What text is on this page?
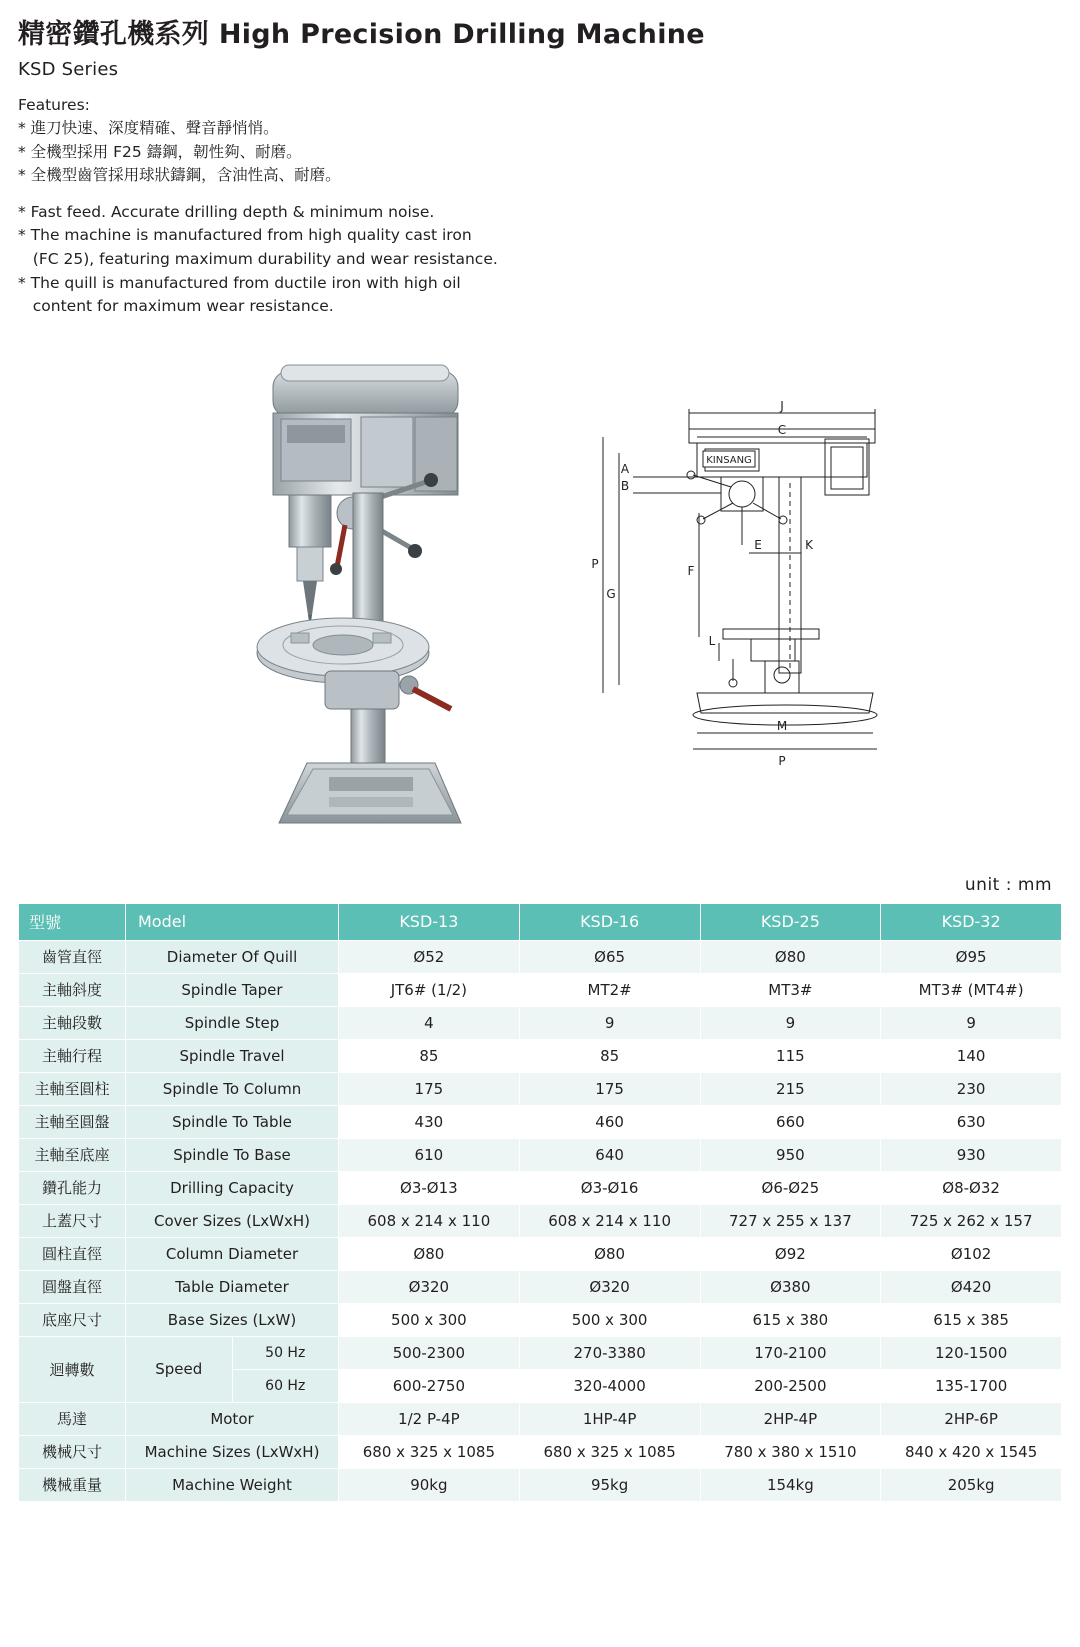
精密鑽孔機系列 High Precision Drilling Machine
KSD Series
Features:
* 進刀快速、深度精確、聲音靜悄悄。
* 全機型採用 F25 鑄鋼，韌性夠、耐磨。
* 全機型齒管採用球狀鑄鋼，含油性高、耐磨。
* Fast feed. Accurate drilling depth & minimum noise.
* The machine is manufactured from high quality cast iron
(FC 25), featuring maximum durability and wear resistance.
* The quill is manufactured from ductile iron with high oil
content for maximum wear resistance.
KINSANG
J
C
A
B
P
G
F
E	K
L
M
P
unit : mm
型號	Model		KSD-13	KSD-16	KSD-25	KSD-32
齒管直徑	Diameter Of Quill		Ø52	Ø65	Ø80	Ø95
主軸斜度	Spindle Taper		JT6# (1/2)	MT2#	MT3#	MT3# (MT4#)
主軸段數	Spindle Step		4	9	9	9
主軸行程	Spindle Travel		85	85	115	140
主軸至圓柱	Spindle To Column		175	175	215	230
主軸至圓盤	Spindle To Table		430	460	660	630
主軸至底座	Spindle To Base		610	640	950	930
鑽孔能力	Drilling Capacity		Ø3-Ø13	Ø3-Ø16	Ø6-Ø25	Ø8-Ø32
上蓋尺寸	Cover Sizes (LxWxH)		608 x 214 x 110	608 x 214 x 110	727 x 255 x 137	725 x 262 x 157
圓柱直徑	Column Diameter		Ø80	Ø80	Ø92	Ø102
圓盤直徑	Table Diameter		Ø320	Ø320	Ø380	Ø420
底座尺寸	Base Sizes (LxW)		500 x 300	500 x 300	615 x 380	615 x 385
迴轉數	Speed	50 Hz	500-2300	270-3380	170-2100	120-1500
		60 Hz	600-2750	320-4000	200-2500	135-1700
馬達	Motor		1/2 P-4P	1HP-4P	2HP-4P	2HP-6P
機械尺寸	Machine Sizes (LxWxH)		680 x 325 x 1085	680 x 325 x 1085	780 x 380 x 1510	840 x 420 x 1545
機械重量	Machine Weight		90kg	95kg	154kg	205kg
